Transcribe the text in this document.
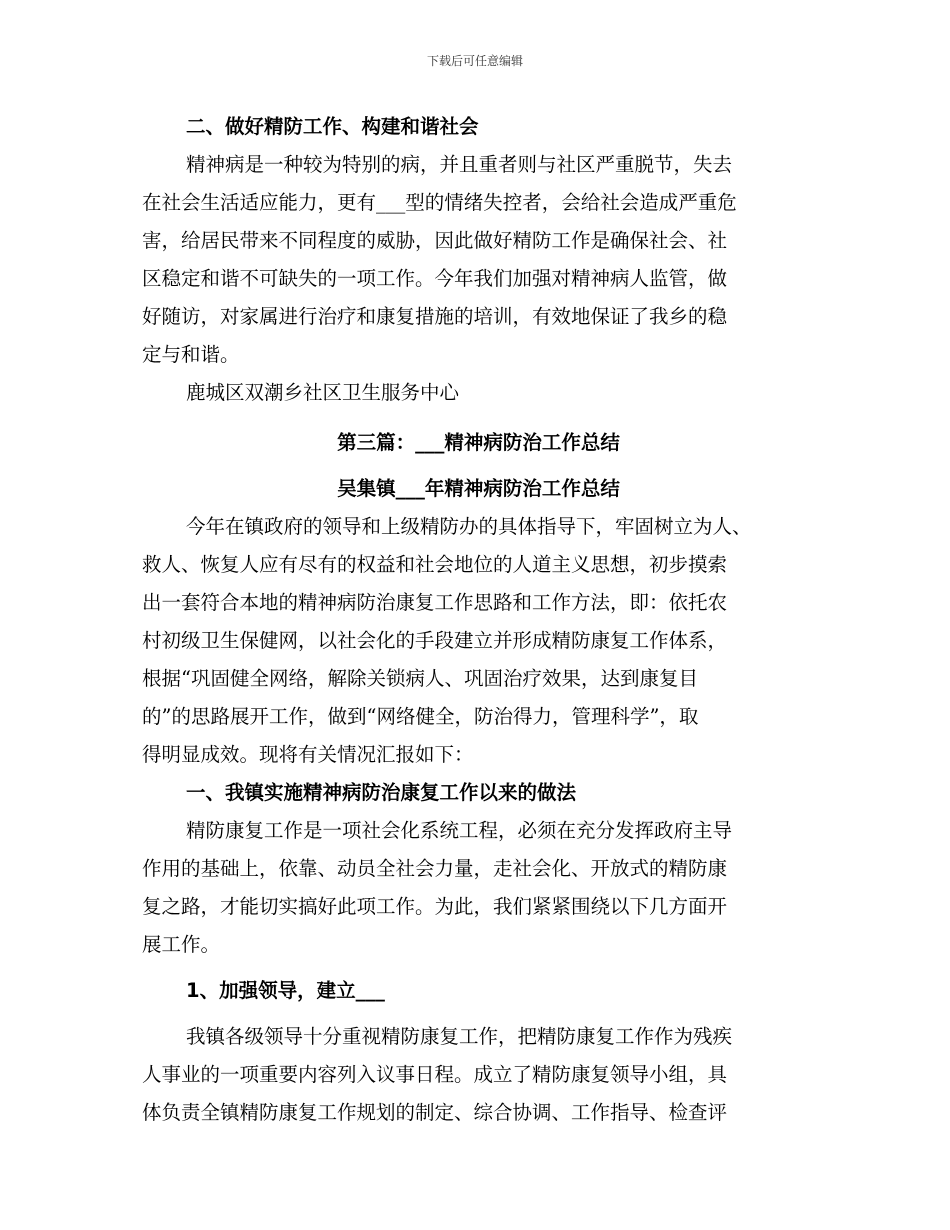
下载后可任意编辑
二、做好精防工作、构建和谐社会
精神病是一种较为特别的病，并且重者则与社区严重脱节，失去
在社会生活适应能力，更有___型的情绪失控者，会给社会造成严重危
害，给居民带来不同程度的威胁，因此做好精防工作是确保社会、社
区稳定和谐不可缺失的一项工作。今年我们加强对精神病人监管，做
好随访，对家属进行治疗和康复措施的培训，有效地保证了我乡的稳
定与和谐。
鹿城区双潮乡社区卫生服务中心
第三篇：___精神病防治工作总结
吴集镇___年精神病防治工作总结
今年在镇政府的领导和上级精防办的具体指导下，牢固树立为人、
救人、恢复人应有尽有的权益和社会地位的人道主义思想，初步摸索
出一套符合本地的精神病防治康复工作思路和工作方法，即：依托农
村初级卫生保健网，以社会化的手段建立并形成精防康复工作体系，
根据“巩固健全网络，解除关锁病人、巩固治疗效果，达到康复目
的”的思路展开工作，做到“网络健全，防治得力，管理科学”，取
得明显成效。现将有关情况汇报如下：
一、我镇实施精神病防治康复工作以来的做法
精防康复工作是一项社会化系统工程，必须在充分发挥政府主导
作用的基础上，依靠、动员全社会力量，走社会化、开放式的精防康
复之路，才能切实搞好此项工作。为此，我们紧紧围绕以下几方面开
展工作。
1、加强领导，建立___
我镇各级领导十分重视精防康复工作，把精防康复工作作为残疾
人事业的一项重要内容列入议事日程。成立了精防康复领导小组，具
体负责全镇精防康复工作规划的制定、综合协调、工作指导、检查评
